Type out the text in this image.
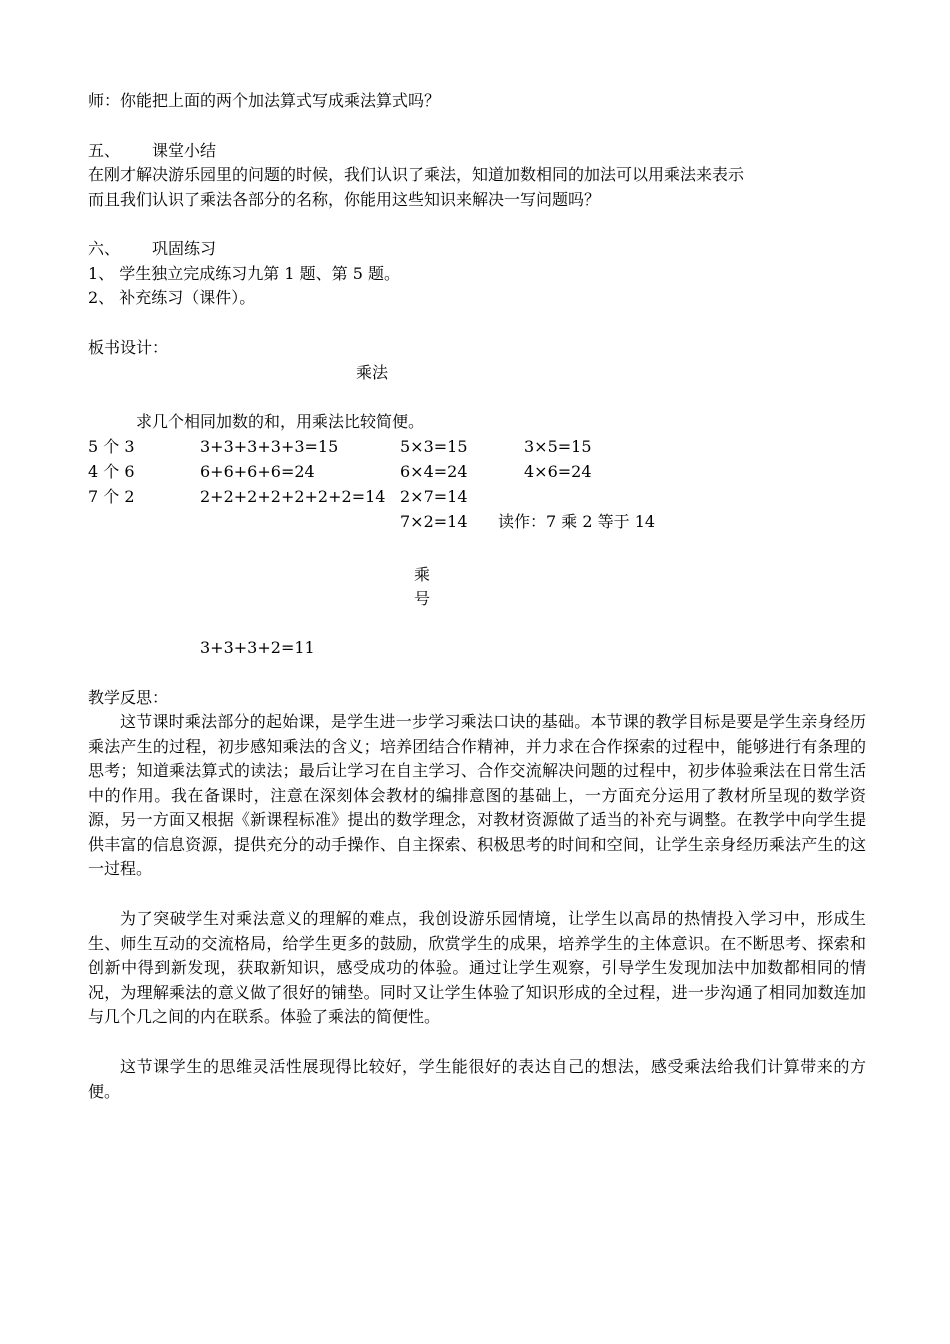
师：你能把上面的两个加法算式写成乘法算式吗？
五、 课堂小结
在刚才解决游乐园里的问题的时候，我们认识了乘法，知道加数相同的加法可以用乘法来表示
而且我们认识了乘法各部分的名称，你能用这些知识来解决一写问题吗？
六、 巩固练习
1、 学生独立完成练习九第 1 题、第 5 题。
2、 补充练习（课件）。
板书设计：
乘法
求几个相同加数的和，用乘法比较简便。
5 个 3	3+3+3+3+3=15	5×3=15	3×5=15
4 个 6	6+6+6+6=24	6×4=24	4×6=24
7 个 2	2+2+2+2+2+2+2=14 2×7=14
7×2=14 读作：7 乘 2 等于 14
乘
号
3+3+3+2=11
教学反思：
这节课时乘法部分的起始课，是学生进一步学习乘法口诀的基础。本节课的教学目标是要是学生亲身经历乘法产生的过程，初步感知乘法的含义；培养团结合作精神，并力求在合作探索的过程中，能够进行有条理的思考；知道乘法算式的读法；最后让学习在自主学习、合作交流解决问题的过程中，初步体验乘法在日常生活中的作用。我在备课时，注意在深刻体会教材的编排意图的基础上，一方面充分运用了教材所呈现的数学资源，另一方面又根据《新课程标准》提出的数学理念，对教材资源做了适当的补充与调整。在教学中向学生提供丰富的信息资源，提供充分的动手操作、自主探索、积极思考的时间和空间，让学生亲身经历乘法产生的这一过程。
为了突破学生对乘法意义的理解的难点，我创设游乐园情境，让学生以高昂的热情投入学习中，形成生生、师生互动的交流格局，给学生更多的鼓励，欣赏学生的成果，培养学生的主体意识。在不断思考、探索和创新中得到新发现，获取新知识，感受成功的体验。通过让学生观察，引导学生发现加法中加数都相同的情况，为理解乘法的意义做了很好的铺垫。同时又让学生体验了知识形成的全过程，进一步沟通了相同加数连加与几个几之间的内在联系。体验了乘法的简便性。
这节课学生的思维灵活性展现得比较好，学生能很好的表达自己的想法，感受乘法给我们计算带来的方便。
